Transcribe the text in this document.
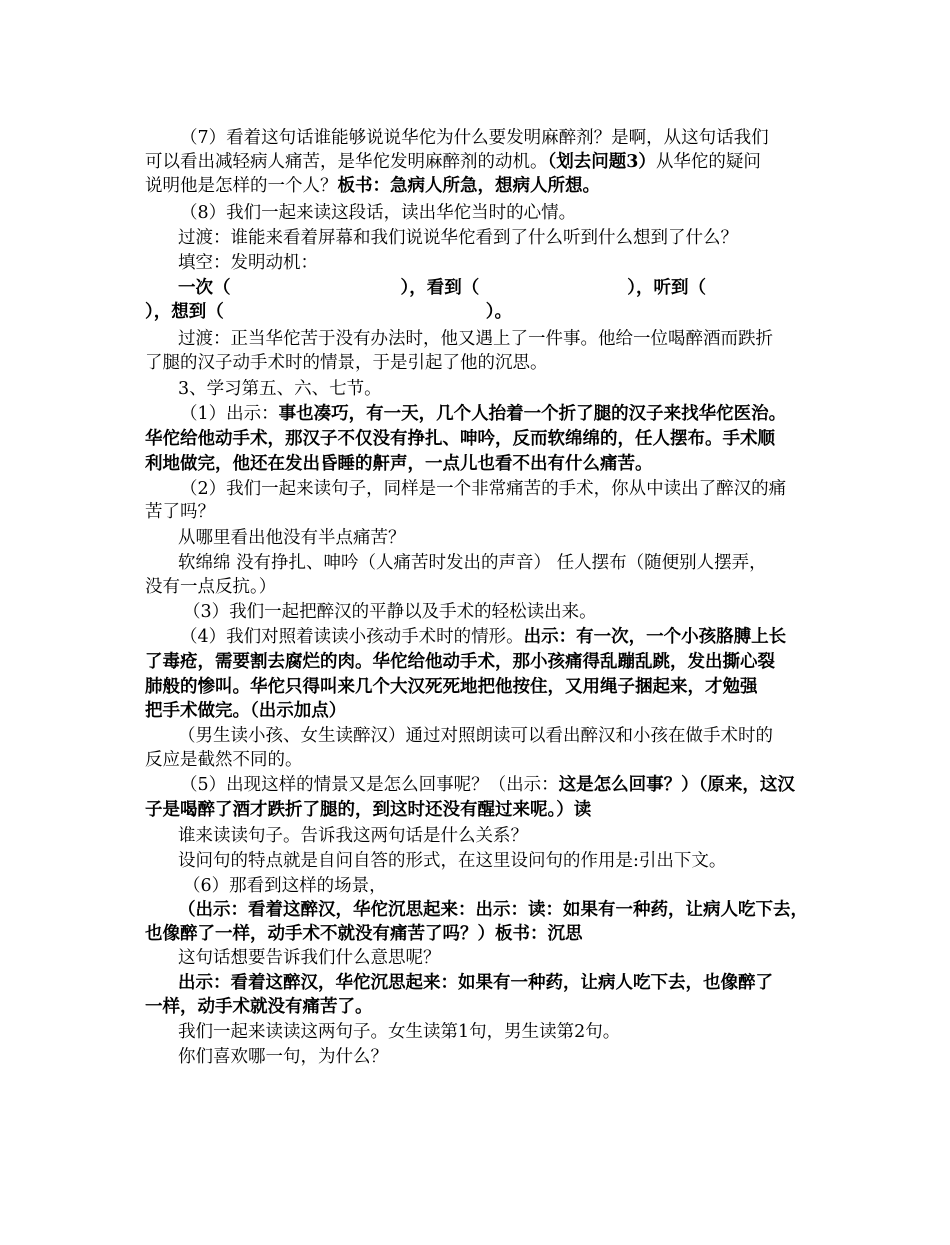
（7）看着这句话谁能够说说华佗为什么要发明麻醉剂？是啊，从这句话我们
可以看出减轻病人痛苦，是华佗发明麻醉剂的动机。（划去问题3）从华佗的疑问
说明他是怎样的一个人？板书：急病人所急，想病人所想。
（8）我们一起来读这段话，读出华佗当时的心情。
过渡：谁能来看着屏幕和我们说说华佗看到了什么听到什么想到了什么？
填空：发明动机：
一次（	），看到（	），听到（
），想到（	）。
过渡：正当华佗苦于没有办法时，他又遇上了一件事。他给一位喝醉酒而跌折
了腿的汉子动手术时的情景，于是引起了他的沉思。
3、学习第五、六、七节。
（1）出示：事也凑巧，有一天，几个人抬着一个折了腿的汉子来找华佗医治。
华佗给他动手术，那汉子不仅没有挣扎、呻吟，反而软绵绵的，任人摆布。手术顺
利地做完，他还在发出昏睡的鼾声，一点儿也看不出有什么痛苦。
（2）我们一起来读句子，同样是一个非常痛苦的手术，你从中读出了醉汉的痛
苦了吗？
从哪里看出他没有半点痛苦？
软绵绵 没有挣扎、呻吟（人痛苦时发出的声音） 任人摆布（随便别人摆弄，
没有一点反抗。）
（3）我们一起把醉汉的平静以及手术的轻松读出来。
（4）我们对照着读读小孩动手术时的情形。出示：有一次，一个小孩胳膊上长
了毒疮，需要割去腐烂的肉。华佗给他动手术，那小孩痛得乱蹦乱跳，发出撕心裂
肺般的惨叫。华佗只得叫来几个大汉死死地把他按住，又用绳子捆起来，才勉强
把手术做完。（出示加点）
（男生读小孩、女生读醉汉）通过对照朗读可以看出醉汉和小孩在做手术时的
反应是截然不同的。
（5）出现这样的情景又是怎么回事呢？（出示：这是怎么回事？）（原来，这汉
子是喝醉了酒才跌折了腿的，到这时还没有醒过来呢。）读
谁来读读句子。告诉我这两句话是什么关系？
设问句的特点就是自问自答的形式，在这里设问句的作用是:引出下文。
（6）那看到这样的场景，
（出示：看着这醉汉，华佗沉思起来：出示：读：如果有一种药，让病人吃下去，
也像醉了一样，动手术不就没有痛苦了吗？）板书：沉思
这句话想要告诉我们什么意思呢？
出示：看着这醉汉，华佗沉思起来：如果有一种药，让病人吃下去，也像醉了
一样，动手术就没有痛苦了。
我们一起来读读这两句子。女生读第1句，男生读第2句。
你们喜欢哪一句，为什么？
